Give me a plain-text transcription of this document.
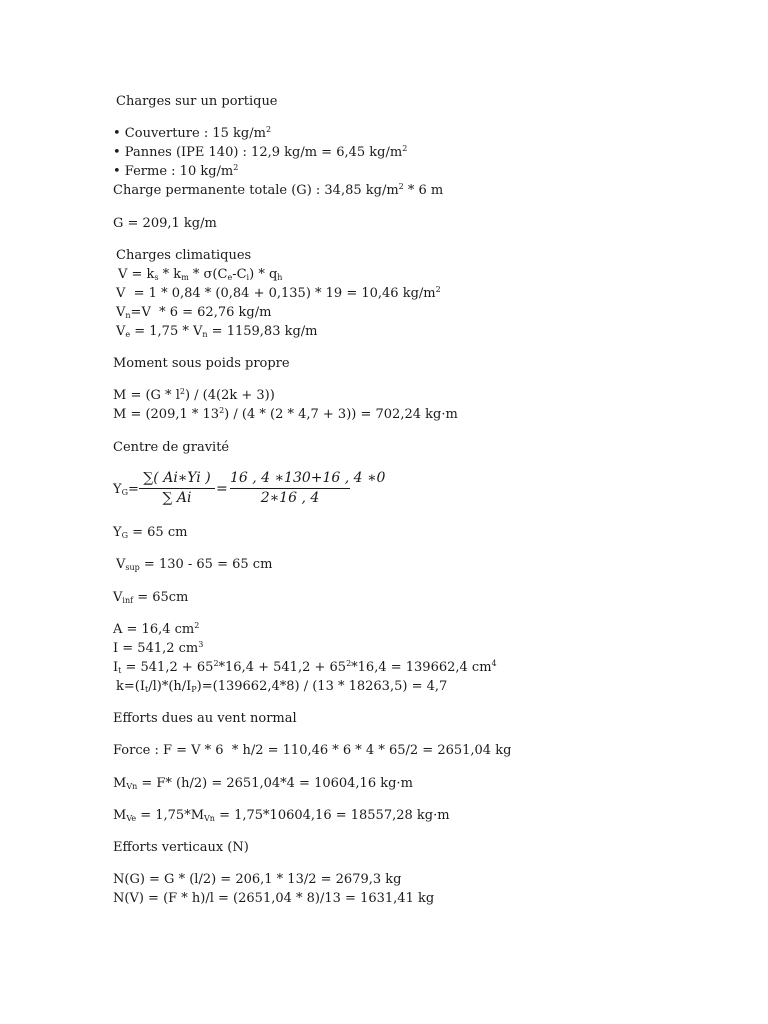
Charges sur un portique
• Couverture : 15 $kg/m^2$
• Pannes (IPE 140) : 12,9 kg/m = 6,45 $kg/m^2$
• Ferme : 10 $kg/m^2$
Charge permanente totale (G) : 34,85 $kg/m^2 * 6$ m
G = 209,1 kg/m
Charges climatiques
$V = k_s * k_m * \sigma(C_e-C_i) * q_h$
V  = 1 * 0,84 * (0,84 + 0,135) * 19 = 10,46 $kg/m^2$
$V_n=V * 6 = 62,76$ kg/m
$V_e = 1,75 * V_n = 1159,83$ kg/m
Moment sous poids propre
$M = (G * l^2) / (4(2k + 3))$
$M = (209,1 * 13^2) / (4 * (2 * 4,7 + 3)) = 702,24$ kg·m
Centre de gravité
$Y_G=$
∑( Ai∗Yi )
∑ Ai
=
16 , 4 ∗130+16 , 4 ∗0
2∗16 , 4
$Y_G = 65$ cm
$V_{sup} = 130 - 65 = 65$ cm
$V_{inf} = 65cm$
A = 16,4 $cm^2$
I = 541,2 $cm^3$
$I_t = 541,2 + 65^2*16,4 + 541,2 + 65^2*16,4 = 139662,4$ $cm^4$
$k=(I_t/l)*(h/I_P)=(139662,4*8) / (13 * 18263,5) = 4,7$
Efforts dues au vent normal
Force : F = V * 6  * h/2 = 110,46 * 6 * 4 * 65/2 = 2651,04 kg
$M_{Vn} = F*$ (h/2) = 2651,04*4 = 10604,16 kg·m
$M_{Ve} = 1,75*M_{Vn} = 1,75*10604,16 = 18557,28$ kg·m
Efforts verticaux (N)
N(G) = G * (l/2) = 206,1 * 13/2 = 2679,3 kg
N(V) = (F * h)/l = (2651,04 * 8)/13 = 1631,41 kg
